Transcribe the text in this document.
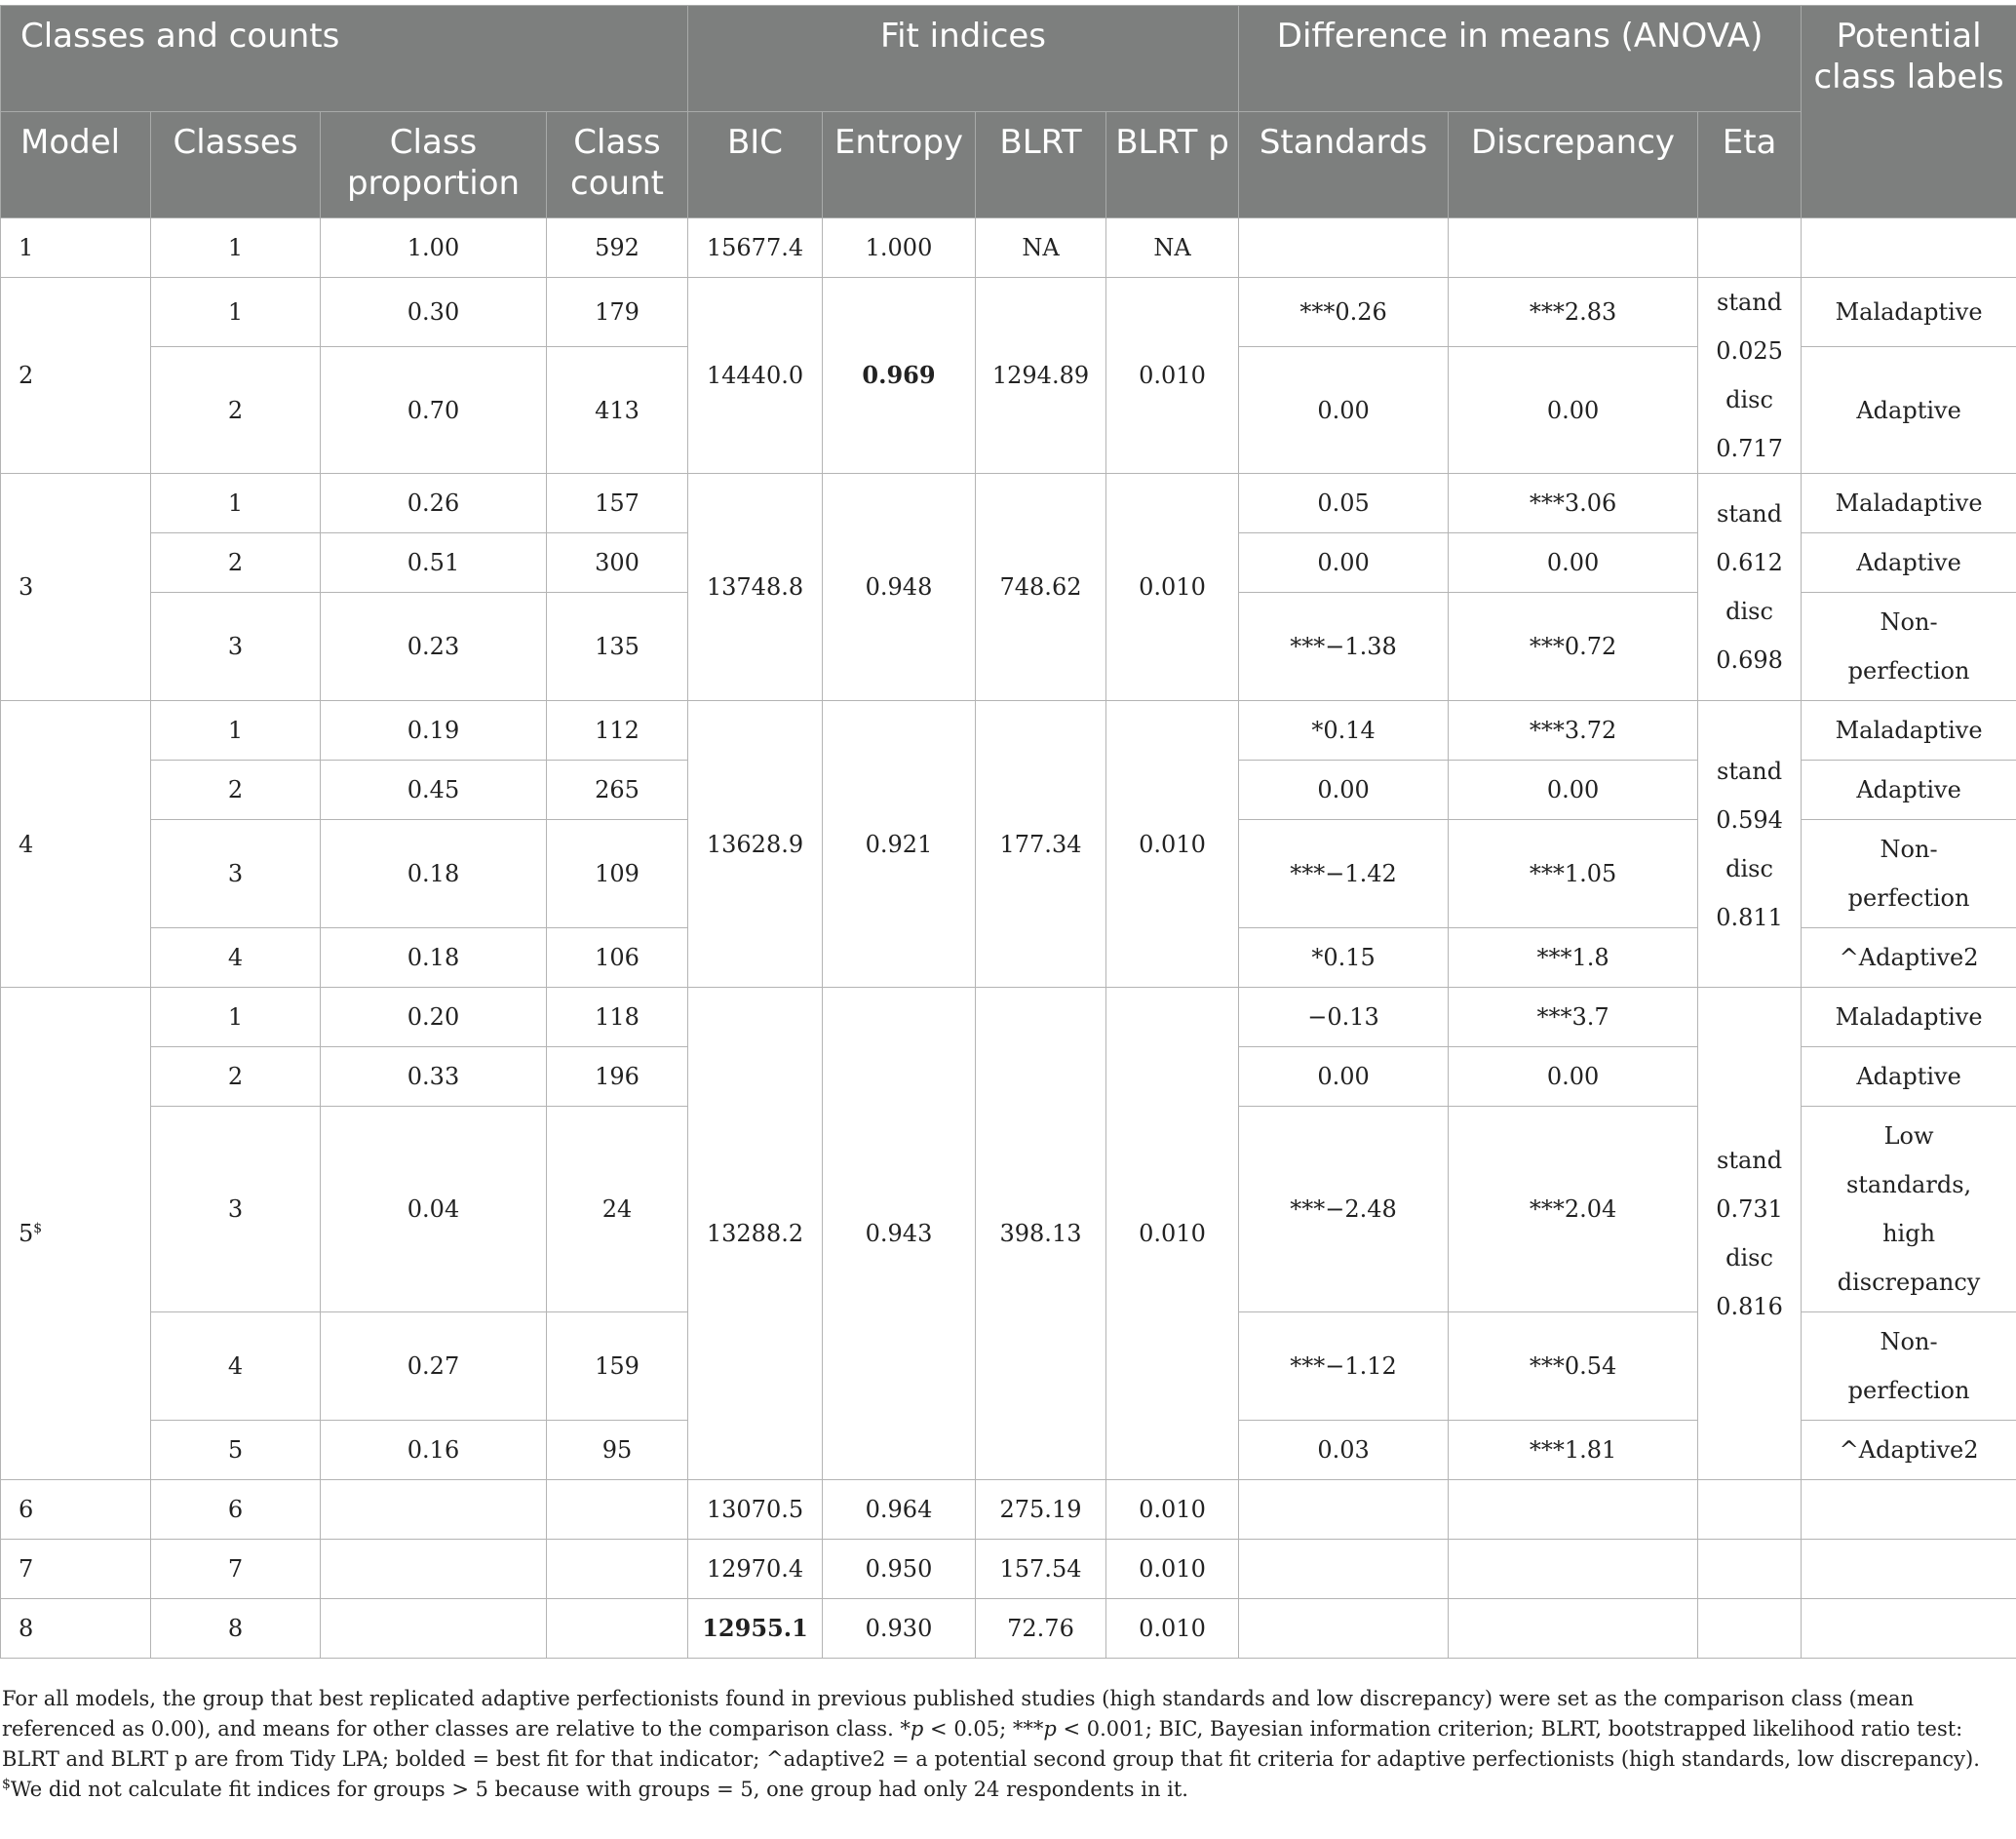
Classes and counts				Fit indices				Difference in means (ANOVA)			Potential class labels
Model	Classes	Class proportion	Class count	BIC	Entropy	BLRT	BLRT p	Standards	Discrepancy	Eta	
1	1	1.00	592	15677.4	1.000	NA	NA				
2	1	0.30	179	14440.0	0.969	1294.89	0.010	***0.26	***2.83	stand
0.025
disc
0.717	Maladaptive
	2	0.70	413					0.00	0.00		Adaptive
3	1	0.26	157	13748.8	0.948	748.62	0.010	0.05	***3.06	stand
0.612
disc
0.698	Maladaptive
	2	0.51	300					0.00	0.00		Adaptive
	3	0.23	135					***−1.38	***0.72		Non-
perfection

4	1	0.19	112	13628.9	0.921	177.34	0.010	*0.14	***3.72	stand
0.594
disc
0.811	Maladaptive
	2	0.45	265					0.00	0.00		Adaptive
	3	0.18	109					***−1.42	***1.05		Non-
perfection

	4	0.18	106					*0.15	***1.8		^Adaptive2
5$	1	0.20	118	13288.2	0.943	398.13	0.010	−0.13	***3.7	stand
0.731
disc
0.816	Maladaptive
	2	0.33	196					0.00	0.00		Adaptive
	3	0.04	24					***−2.48	***2.04		Low
standards,
high
discrepancy

	4	0.27	159					***−1.12	***0.54		Non-
perfection

	5	0.16	95					0.03	***1.81		^Adaptive2
6	6			13070.5	0.964	275.19	0.010				
7	7			12970.4	0.950	157.54	0.010				
8	8			12955.1	0.930	72.76	0.010				

For all models, the group that best replicated adaptive perfectionists found in previous published studies (high standards and low discrepancy) were set as the comparison class (mean referenced as 0.00), and means for other classes are relative to the comparison class. *p < 0.05; ***p < 0.001; BIC, Bayesian information criterion; BLRT, bootstrapped likelihood ratio test: BLRT and BLRT p are from Tidy LPA; bolded = best fit for that indicator; ^adaptive2 = a potential second group that fit criteria for adaptive perfectionists (high standards, low discrepancy).

$We did not calculate fit indices for groups > 5 because with groups = 5, one group had only 24 respondents in it.
